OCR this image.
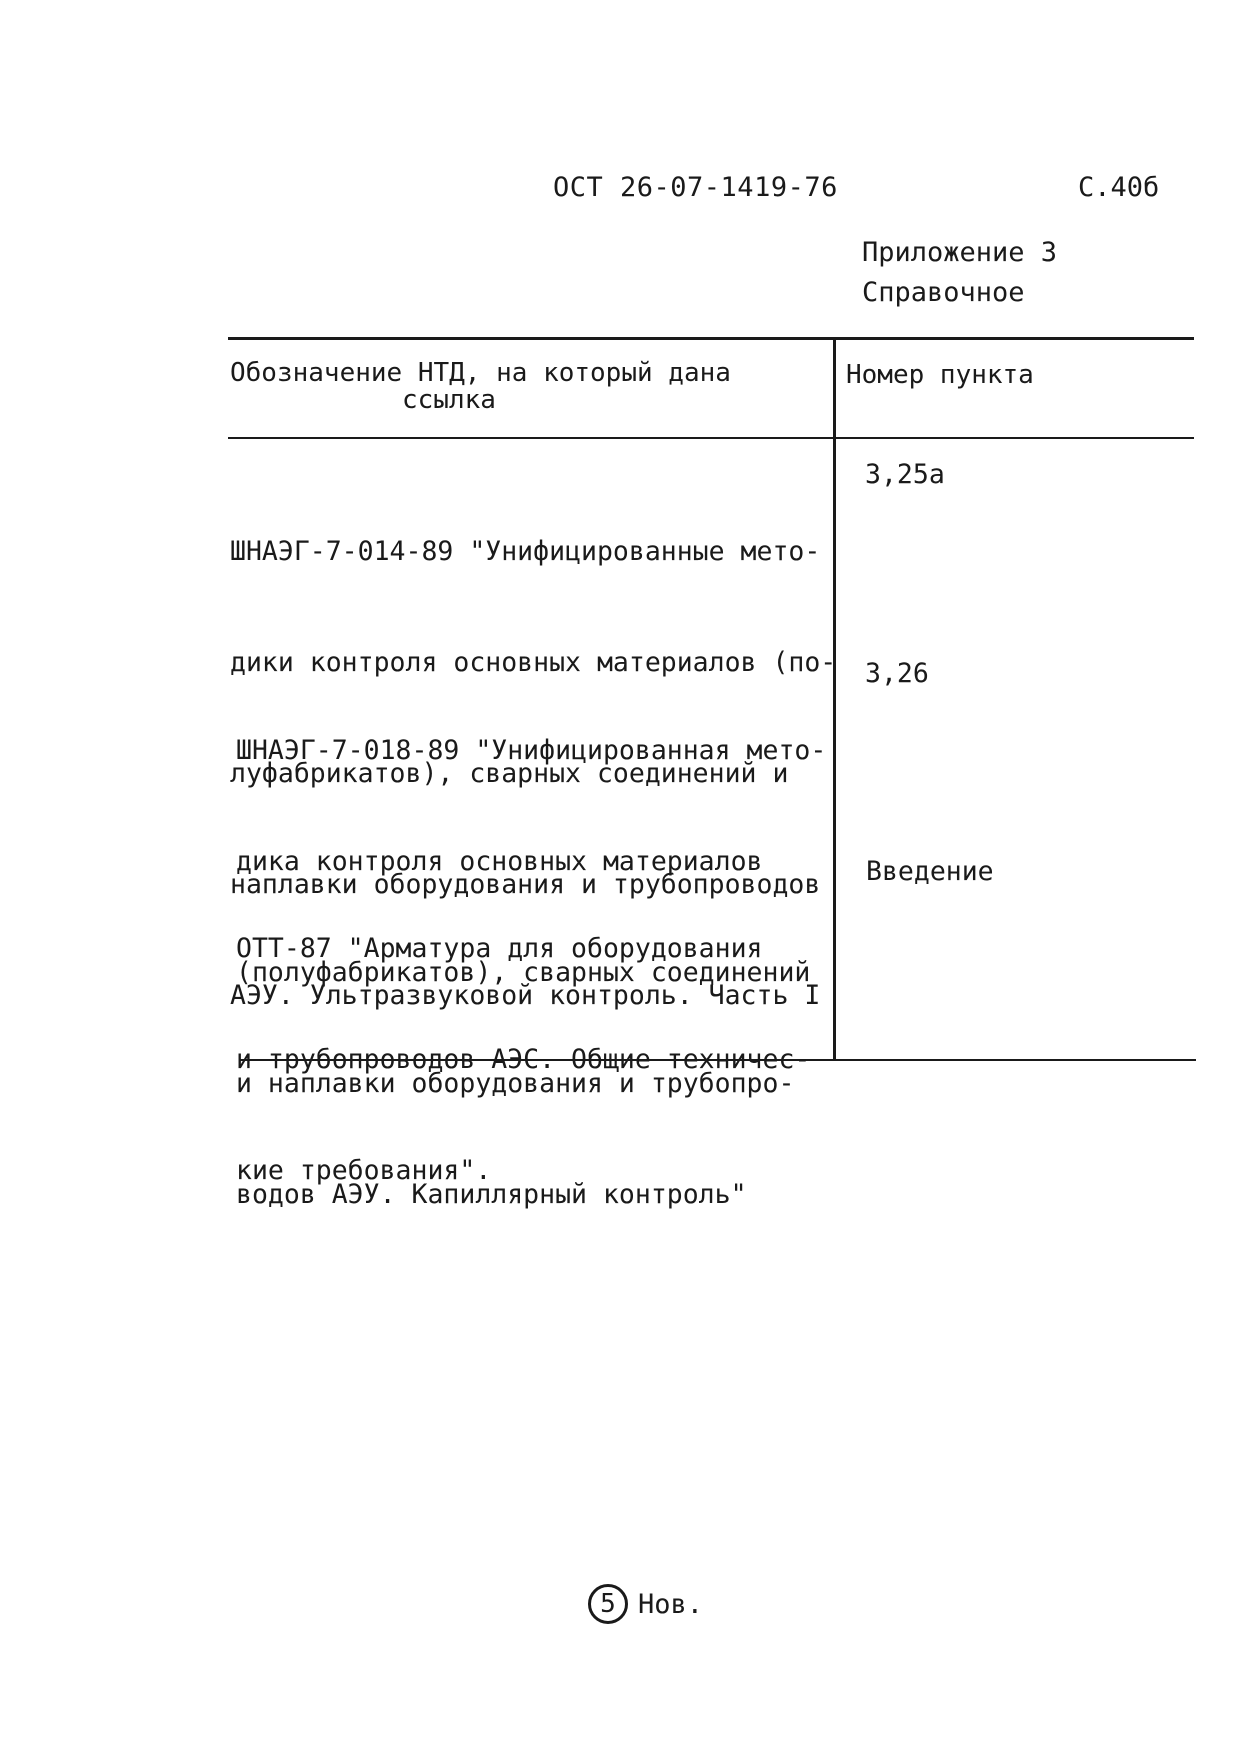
ОСТ 26-07-1419-76	С.40б
Приложение 3
Справочное
Обозначение НТД, на который дана
ссылка
Номер пункта

ШНАЭГ-7-014-89 "Унифицированные мето-

дики контроля основных материалов (по-

луфабрикатов), сварных соединений и

наплавки оборудования и трубопроводов

АЭУ. Ультразвуковой контроль. Часть I

3,25а

ШНАЭГ-7-018-89 "Унифицированная мето-

дика контроля основных материалов

(полуфабрикатов), сварных соединений

и наплавки оборудования и трубопро-

водов АЭУ. Капиллярный контроль"

3,26

ОТТ-87 "Арматура для оборудования

и трубопроводов АЭС. Общие техничес-

кие требования".

Введение
5 Нов.
